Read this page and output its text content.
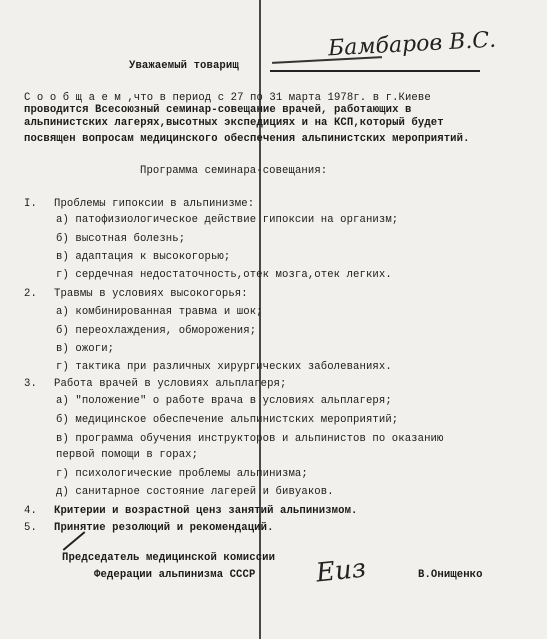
Уважаемый товарищ
Бамбаров В.С.
С о о б щ а е м ,что в период с 27 по 31 марта 1978г. в г.Киеве
проводится Всесоюзный семинар-совещание врачей, работающих в
альпинистских лагерях,высотных экспедициях и на КСП,который будет
посвящен вопросам медицинского обеспечения альпинистских мероприятий.
Программа семинара-совещания:
I. Проблемы гипоксии в альпинизме:
а) патофизиологическое действие гипоксии на организм;
б) высотная болезнь;
в) адаптация к высокогорью;
г) сердечная недостаточность,отек мозга,отек легких.
2. Травмы в условиях высокогорья:
а) комбинированная травма и шок;
б) переохлаждения, обморожения;
в) ожоги;
г) тактика при различных хирургических заболеваниях.
3. Работа врачей в условиях альплагеря;
а) "положение" о работе врача в условиях альплагеря;
б) медицинское обеспечение альпинистских мероприятий;
в) программа обучения инструкторов и альпинистов по оказанию
первой помощи в горах;
г) психологические проблемы альпинизма;
д) санитарное состояние лагерей и бивуаков.
4. Критерии и возрастной ценз занятий альпинизмом.
5. Принятие резолюций и рекомендаций.
Председатель медицинской комиссии
Федерации альпинизма СССР Еиз	В.Онищенко
